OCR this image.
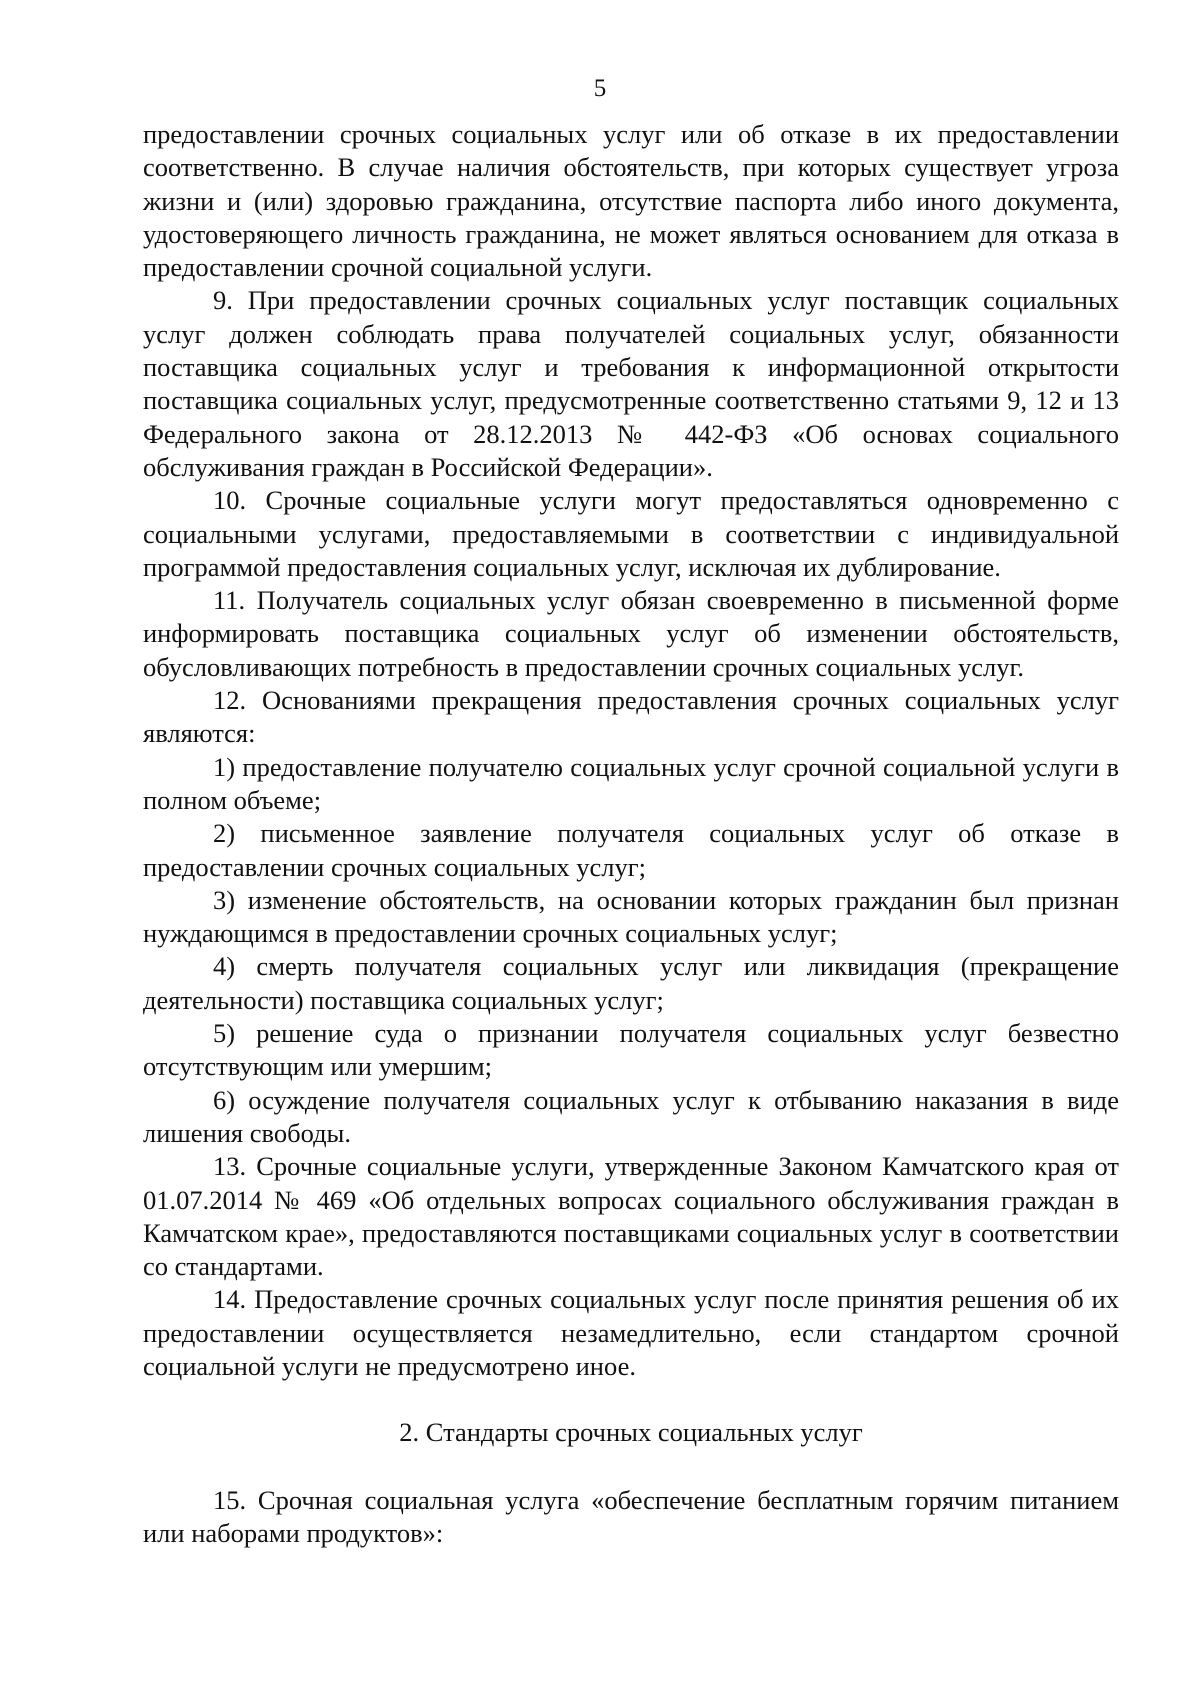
5

предоставлении срочных социальных услуг или об отказе в их предоставлении соответственно. В случае наличия обстоятельств, при которых существует угроза жизни и (или) здоровью гражданина, отсутствие паспорта либо иного документа, удостоверяющего личность гражданина, не может являться основанием для отказа в предоставлении срочной социальной услуги.

9. При предоставлении срочных социальных услуг поставщик социальных услуг должен соблюдать права получателей социальных услуг, обязанности поставщика социальных услуг и требования к информационной открытости поставщика социальных услуг, предусмотренные соответственно статьями 9, 12 и 13 Федерального закона от 28.12.2013 № 442-ФЗ «Об основах социального обслуживания граждан в Российской Федерации».

10. Срочные социальные услуги могут предоставляться одновременно с социальными услугами, предоставляемыми в соответствии с индивидуальной программой предоставления социальных услуг, исключая их дублирование.

11. Получатель социальных услуг обязан своевременно в письменной форме информировать поставщика социальных услуг об изменении обстоятельств, обусловливающих потребность в предоставлении срочных социальных услуг.

12. Основаниями прекращения предоставления срочных социальных услуг являются:

1) предоставление получателю социальных услуг срочной социальной услуги в полном объеме;

2) письменное заявление получателя социальных услуг об отказе в предоставлении срочных социальных услуг;

3) изменение обстоятельств, на основании которых гражданин был признан нуждающимся в предоставлении срочных социальных услуг;

4) смерть получателя социальных услуг или ликвидация (прекращение деятельности) поставщика социальных услуг;

5) решение суда о признании получателя социальных услуг безвестно отсутствующим или умершим;

6) осуждение получателя социальных услуг к отбыванию наказания в виде лишения свободы.

13. Срочные социальные услуги, утвержденные Законом Камчатского края от 01.07.2014 № 469 «Об отдельных вопросах социального обслуживания граждан в Камчатском крае», предоставляются поставщиками социальных услуг в соответствии со стандартами.

14. Предоставление срочных социальных услуг после принятия решения об их предоставлении осуществляется незамедлительно, если стандартом срочной социальной услуги не предусмотрено иное.

2. Стандарты срочных социальных услуг

15. Срочная социальная услуга «обеспечение бесплатным горячим питанием или наборами продуктов»:
